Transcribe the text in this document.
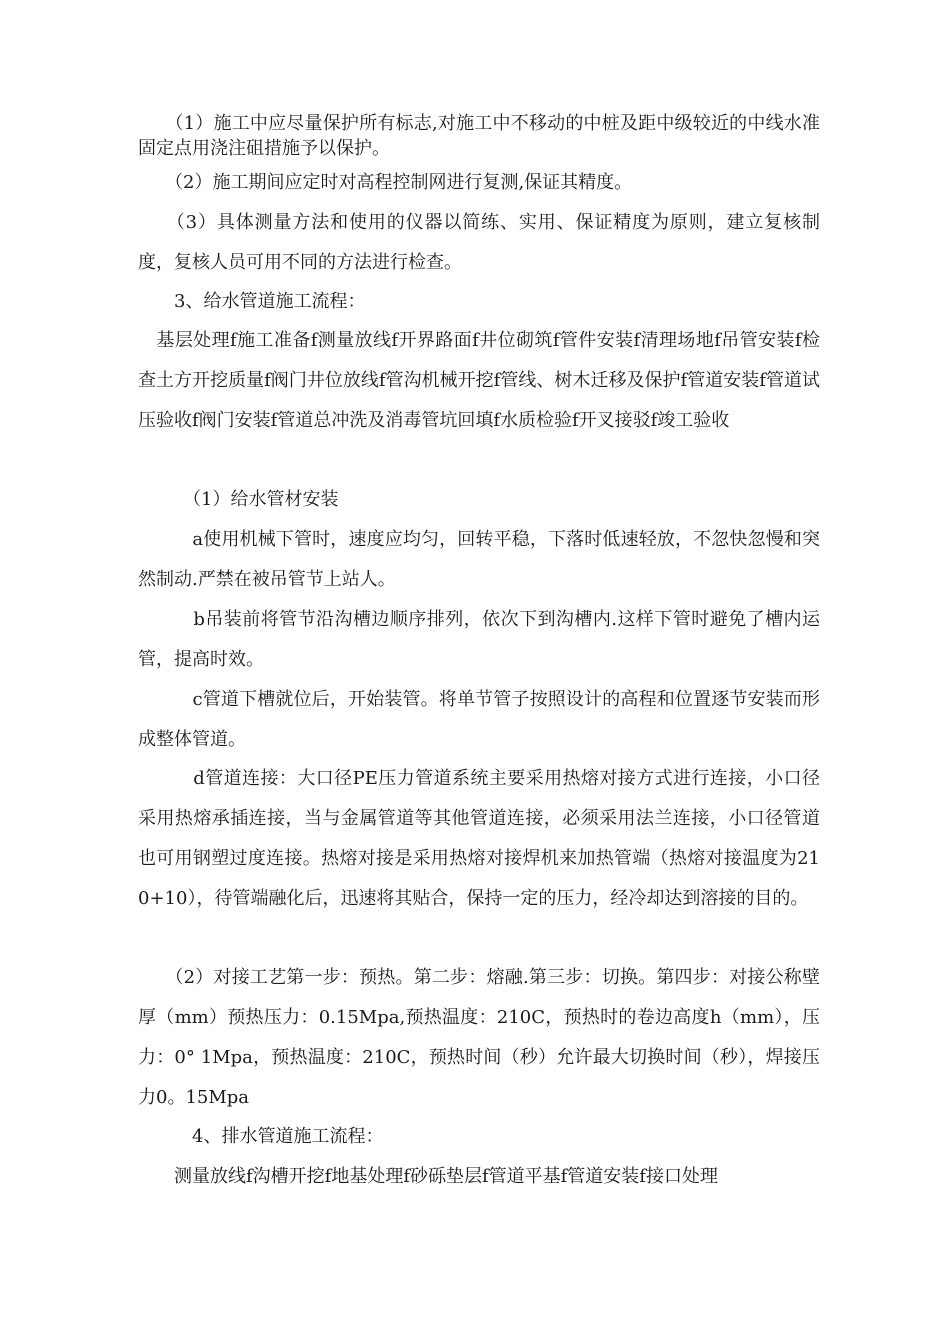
　　（1）施工中应尽量保护所有标志,对施工中不移动的中桩及距中级较近的中线水准固定点用浇注砠措施予以保护。

　　（2）施工期间应定时对高程控制网进行复测,保证其精度。

　　（3）具体测量方法和使用的仪器以简练、实用、保证精度为原则，建立复核制度，复核人员可用不同的方法进行检查。

　　3、给水管道施工流程：

　基层处理f施工准备f测量放线f开界路面f井位砌筑f管件安装f清理场地f吊管安装f检查土方开挖质量f阀门井位放线f管沟机械开挖f管线、树木迁移及保护f管道安装f管道试压验收f阀门安装f管道总冲洗及消毒管坑回填f水质检验f开叉接驳f竣工验收

　　　（1）给水管材安装

　　　a使用机械下管时，速度应均匀，回转平稳，下落时低速轻放，不忽快忽慢和突然制动.严禁在被吊管节上站人。

　　　b吊装前将管节沿沟槽边顺序排列，依次下到沟槽内.这样下管时避免了槽内运管，提高时效。

　　　c管道下槽就位后，开始装管。将单节管子按照设计的高程和位置逐节安装而形成整体管道。

　　　d管道连接：大口径PE压力管道系统主要采用热熔对接方式进行连接，小口径采用热熔承插连接，当与金属管道等其他管道连接，必须采用法兰连接，小口径管道也可用钢塑过度连接。热熔对接是采用热熔对接焊机来加热管端（热熔对接温度为210+10），待管端融化后，迅速将其贴合，保持一定的压力，经冷却达到溶接的目的。

　　（2）对接工艺第一步：预热。第二步：熔融.第三步：切换。第四步：对接公称壁厚（mm）预热压力：0.15Mpa,预热温度：210C，预热时的卷边高度h（mm），压力：0° 1Mpa，预热温度：210C，预热时间（秒）允许最大切换时间（秒），焊接压力0。15Mpa

　　　4、排水管道施工流程：

　　测量放线f沟槽开挖f地基处理f砂砾垫层f管道平基f管道安装f接口处理
